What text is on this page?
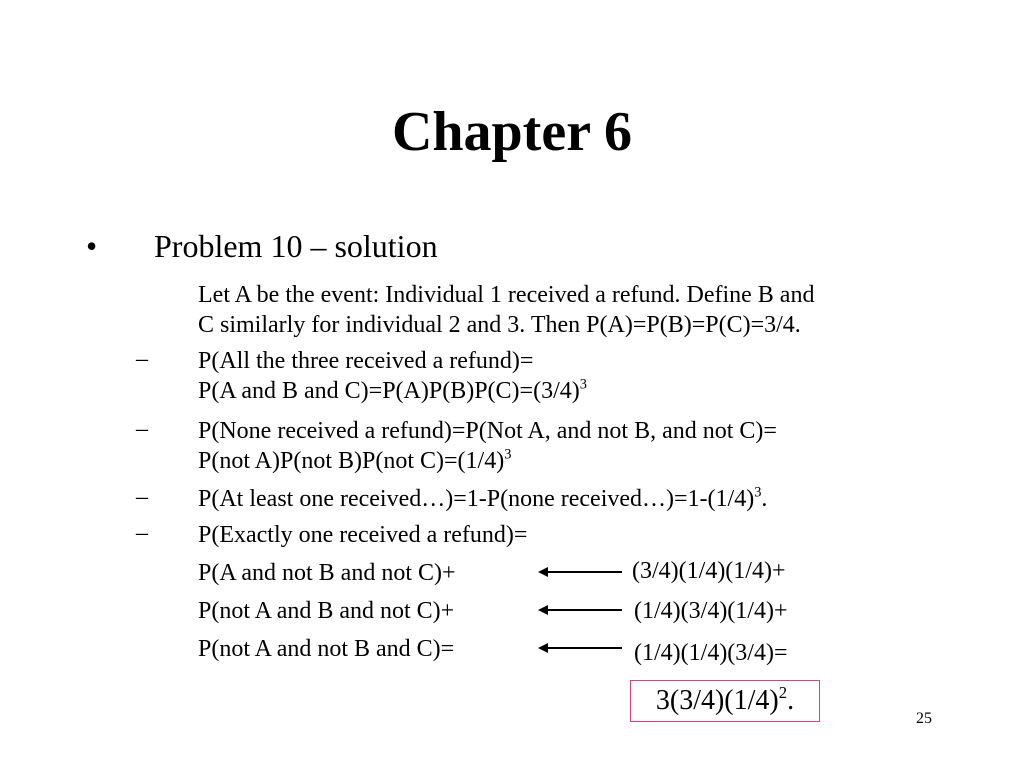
Chapter 6
• Problem 10 – solution
Let A be the event: Individual 1 received a refund. Define B and
C similarly for individual 2 and 3. Then P(A)=P(B)=P(C)=3/4.
– P(All the three received a refund)=
P(A and B and $C)=P(A)P(B)P(C)=(3/4)^3$
– P(None received a refund)=P(Not A, and not B, and not C)=
P(not A)P(not B)P(not $C)=(1/4)^3$
– P(At least one received…)=1-P(none $received\dots)=1-(1/4)^3$.
– P(Exactly one received a refund)=
P(A and not B and not C)+
P(not A and B and not C)+
P(not A and not B and C)=
(3/4)(1/4)(1/4)+
(1/4)(3/4)(1/4)+
(1/4)(1/4)(3/4)=
$3(3/4)(1/4)^2$.
25
